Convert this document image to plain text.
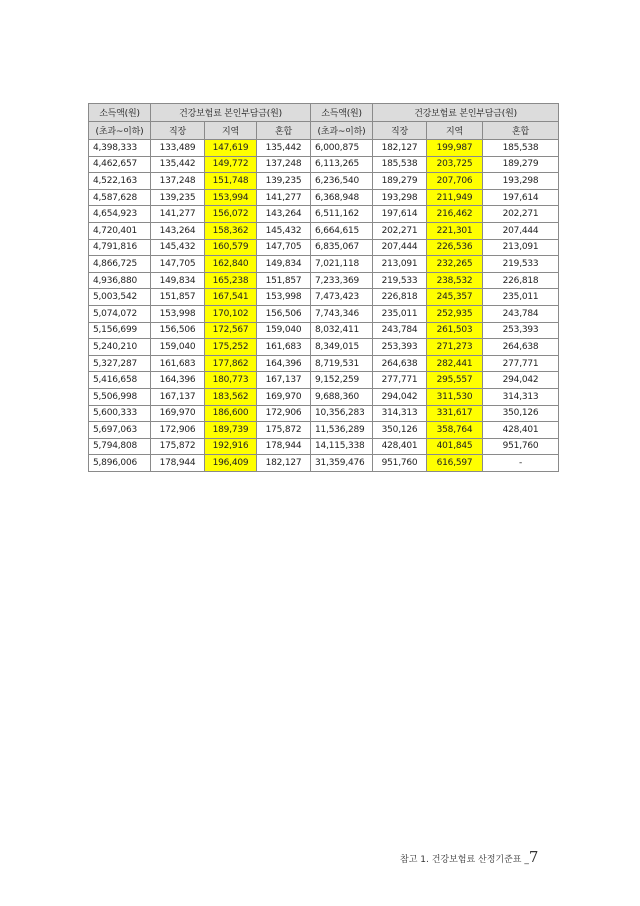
소득액(원)	건강보험료 본인부담금(원)			소득액(원)	건강보험료 본인부담금(원)		
(초과~이하)	직장	지역	혼합	(초과~이하)	직장	지역	혼합
4,398,333	133,489	147,619	135,442	6,000,875	182,127	199,987	185,538
4,462,657	135,442	149,772	137,248	6,113,265	185,538	203,725	189,279
4,522,163	137,248	151,748	139,235	6,236,540	189,279	207,706	193,298
4,587,628	139,235	153,994	141,277	6,368,948	193,298	211,949	197,614
4,654,923	141,277	156,072	143,264	6,511,162	197,614	216,462	202,271
4,720,401	143,264	158,362	145,432	6,664,615	202,271	221,301	207,444
4,791,816	145,432	160,579	147,705	6,835,067	207,444	226,536	213,091
4,866,725	147,705	162,840	149,834	7,021,118	213,091	232,265	219,533
4,936,880	149,834	165,238	151,857	7,233,369	219,533	238,532	226,818
5,003,542	151,857	167,541	153,998	7,473,423	226,818	245,357	235,011
5,074,072	153,998	170,102	156,506	7,743,346	235,011	252,935	243,784
5,156,699	156,506	172,567	159,040	8,032,411	243,784	261,503	253,393
5,240,210	159,040	175,252	161,683	8,349,015	253,393	271,273	264,638
5,327,287	161,683	177,862	164,396	8,719,531	264,638	282,441	277,771
5,416,658	164,396	180,773	167,137	9,152,259	277,771	295,557	294,042
5,506,998	167,137	183,562	169,970	9,688,360	294,042	311,530	314,313
5,600,333	169,970	186,600	172,906	10,356,283	314,313	331,617	350,126
5,697,063	172,906	189,739	175,872	11,536,289	350,126	358,764	428,401
5,794,808	175,872	192,916	178,944	14,115,338	428,401	401,845	951,760
5,896,006	178,944	196,409	182,127	31,359,476	951,760	616,597	-
참고 1. 건강보험료 산정기준표 _7
